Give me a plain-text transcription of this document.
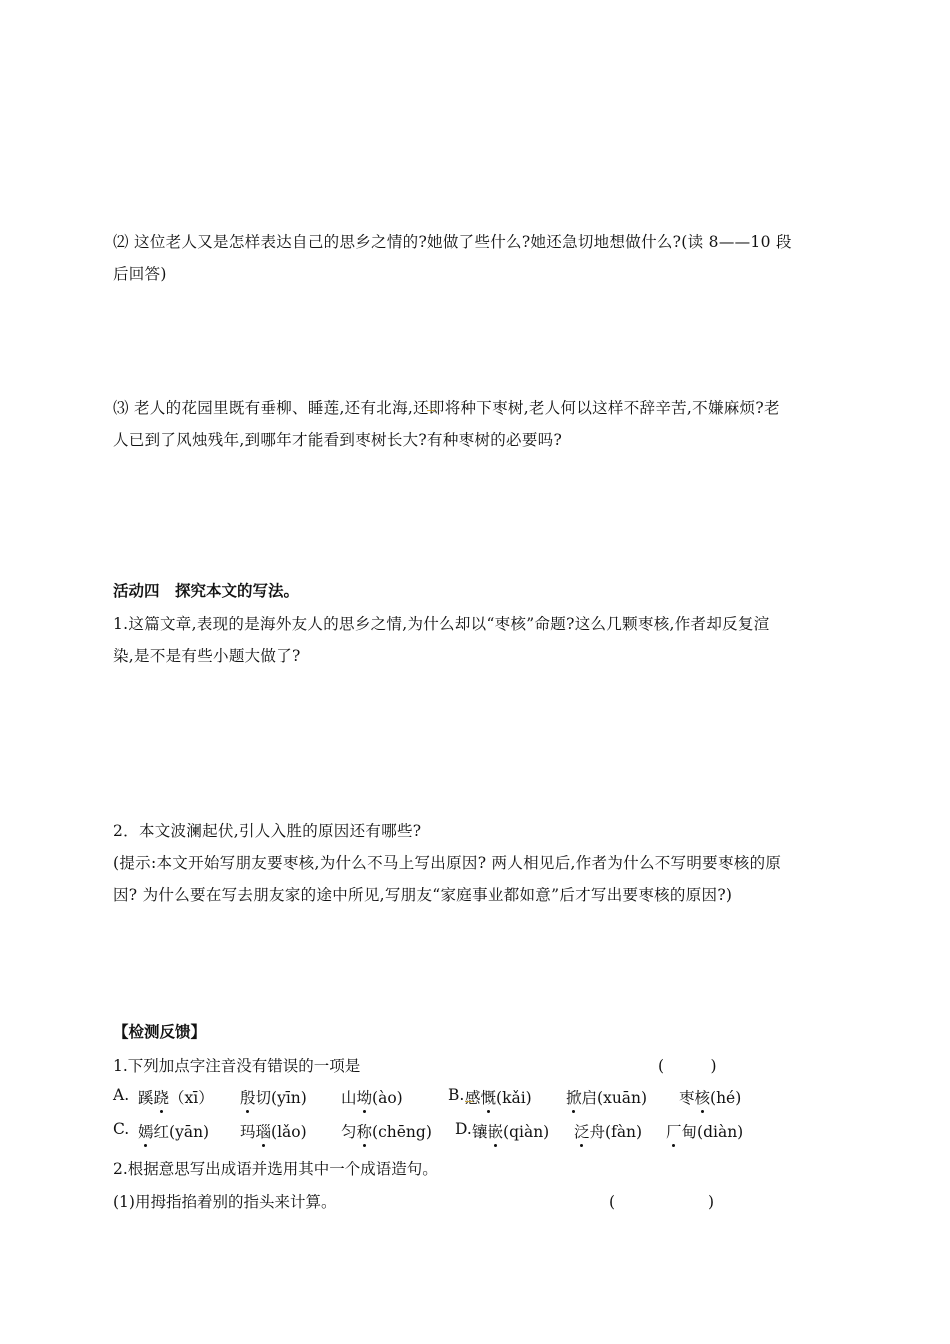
⑵ 这位老人又是怎样表达自己的思乡之情的?她做了些什么?她还急切地想做什么?(读 8——10 段
后回答)
⑶ 老人的花园里既有垂柳、睡莲,还有北海,还即将种下枣树,老人何以这样不辞辛苦,不嫌麻烦?老
人已到了风烛残年,到哪年才能看到枣树长大?有种枣树的必要吗?
活动四　探究本文的写法。
1.这篇文章,表现的是海外友人的思乡之情,为什么却以“枣核”命题?这么几颗枣核,作者却反复渲
染,是不是有些小题大做了?
2．本文波澜起伏,引人入胜的原因还有哪些?
(提示:本文开始写朋友要枣核,为什么不马上写出原因? 两人相见后,作者为什么不写明要枣核的原
因? 为什么要在写去朋友家的途中所见,写朋友“家庭事业都如意”后才写出要枣核的原因?)
【检测反馈】
1.下列加点字注音没有错误的一项是	(　　　)
A. 蹊跷（xī） 殷切(yīn) 山坳(ào)	B. 感慨(kǎi) 掀启(xuān) 枣核(hé)
C. 嫣红(yān) 玛瑙(lǎo) 匀称(chēng) D. 镶嵌(qiàn) 泛舟(fàn) 厂甸(diàn)
2.根据意思写出成语并选用其中一个成语造句。
(1)用拇指掐着别的指头来计算。	(　　　　　　)
